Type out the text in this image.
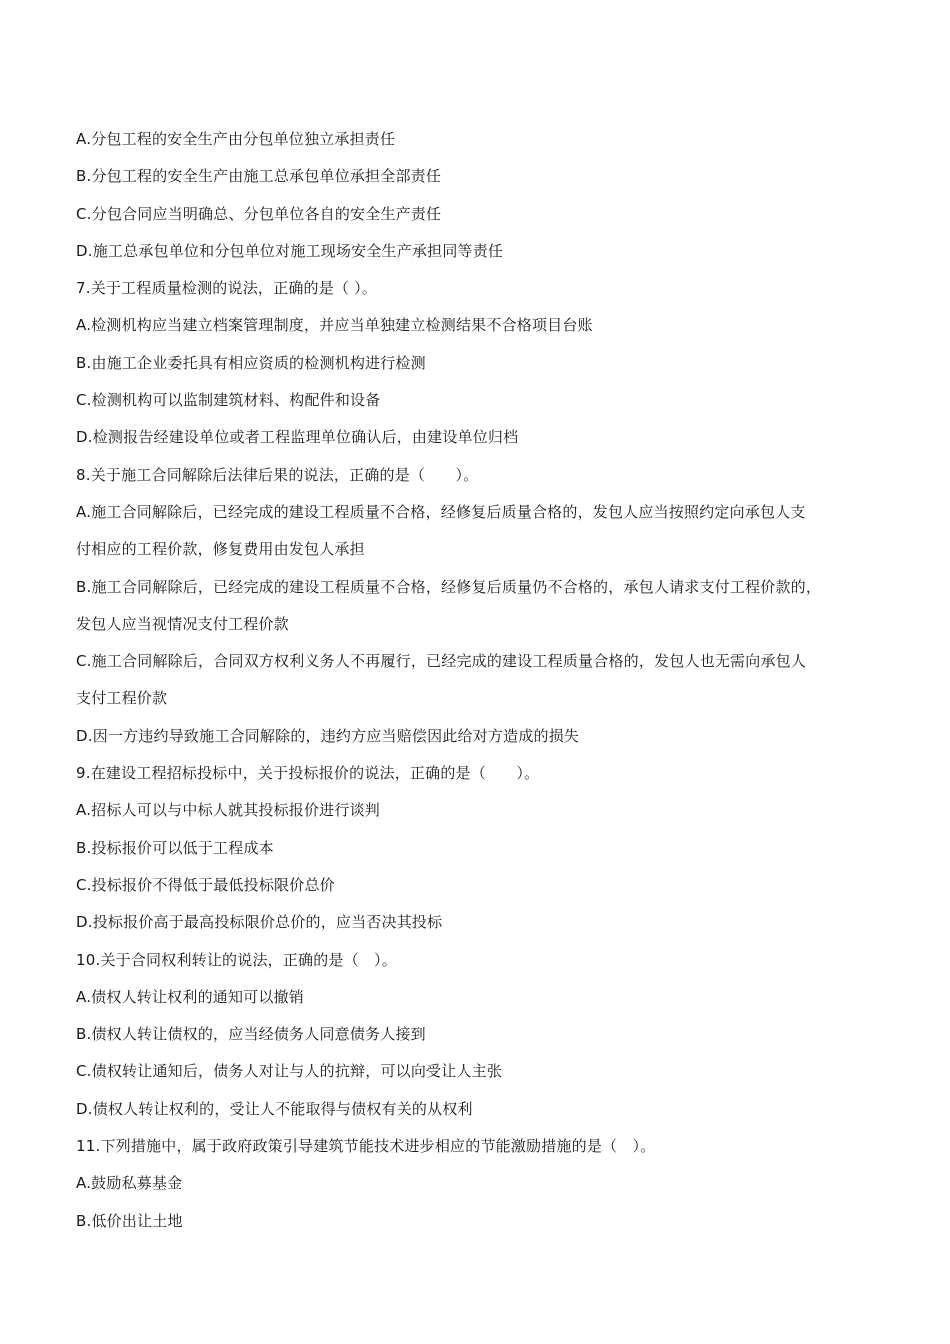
A.分包工程的安全生产由分包单位独立承担责任
B.分包工程的安全生产由施工总承包单位承担全部责任
C.分包合同应当明确总、分包单位各自的安全生产责任
D.施工总承包单位和分包单位对施工现场安全生产承担同等责任
7.关于工程质量检测的说法，正确的是（ ）。
A.检测机构应当建立档案管理制度，并应当单独建立检测结果不合格项目台账
B.由施工企业委托具有相应资质的检测机构进行检测
C.检测机构可以监制建筑材料、构配件和设备
D.检测报告经建设单位或者工程监理单位确认后，由建设单位归档
8.关于施工合同解除后法律后果的说法，正确的是（　　）。
A.施工合同解除后，已经完成的建设工程质量不合格，经修复后质量合格的，发包人应当按照约定向承包人支
付相应的工程价款，修复费用由发包人承担
B.施工合同解除后，已经完成的建设工程质量不合格，经修复后质量仍不合格的，承包人请求支付工程价款的，
发包人应当视情况支付工程价款
C.施工合同解除后，合同双方权利义务人不再履行，已经完成的建设工程质量合格的，发包人也无需向承包人
支付工程价款
D.因一方违约导致施工合同解除的，违约方应当赔偿因此给对方造成的损失
9.在建设工程招标投标中，关于投标报价的说法，正确的是（　　）。
A.招标人可以与中标人就其投标报价进行谈判
B.投标报价可以低于工程成本
C.投标报价不得低于最低投标限价总价
D.投标报价高于最高投标限价总价的，应当否决其投标
10.关于合同权利转让的说法，正确的是（　）。
A.债权人转让权利的通知可以撤销
B.债权人转让债权的，应当经债务人同意债务人接到
C.债权转让通知后，债务人对让与人的抗辩，可以向受让人主张
D.债权人转让权利的，受让人不能取得与债权有关的从权利
11.下列措施中，属于政府政策引导建筑节能技术进步相应的节能激励措施的是（　）。
A.鼓励私募基金
B.低价出让土地
